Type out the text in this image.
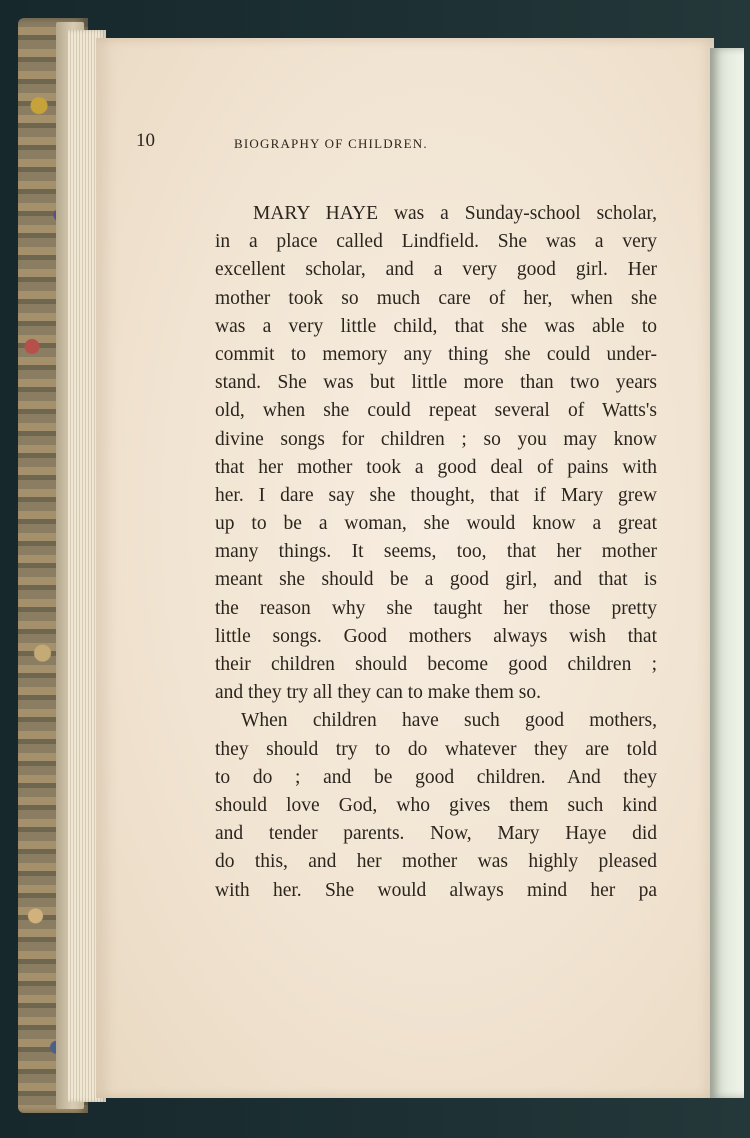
10	BIOGRAPHY OF CHILDREN.
MARY HAYE was a Sunday-school scholar,
in a place called Lindfield. She was a very
excellent scholar, and a very good girl. Her
mother took so much care of her, when she
was a very little child, that she was able to
commit to memory any thing she could under-
stand. She was but little more than two years
old, when she could repeat several of Watts's
divine songs for children ; so you may know
that her mother took a good deal of pains with
her. I dare say she thought, that if Mary grew
up to be a woman, she would know a great
many things. It seems, too, that her mother
meant she should be a good girl, and that is
the reason why she taught her those pretty
little songs. Good mothers always wish that
their children should become good children ;
and they try all they can to make them so.
When children have such good mothers,
they should try to do whatever they are told
to do ; and be good children. And they
should love God, who gives them such kind
and tender parents. Now, Mary Haye did
do this, and her mother was highly pleased
with her. She would always mind her pa
